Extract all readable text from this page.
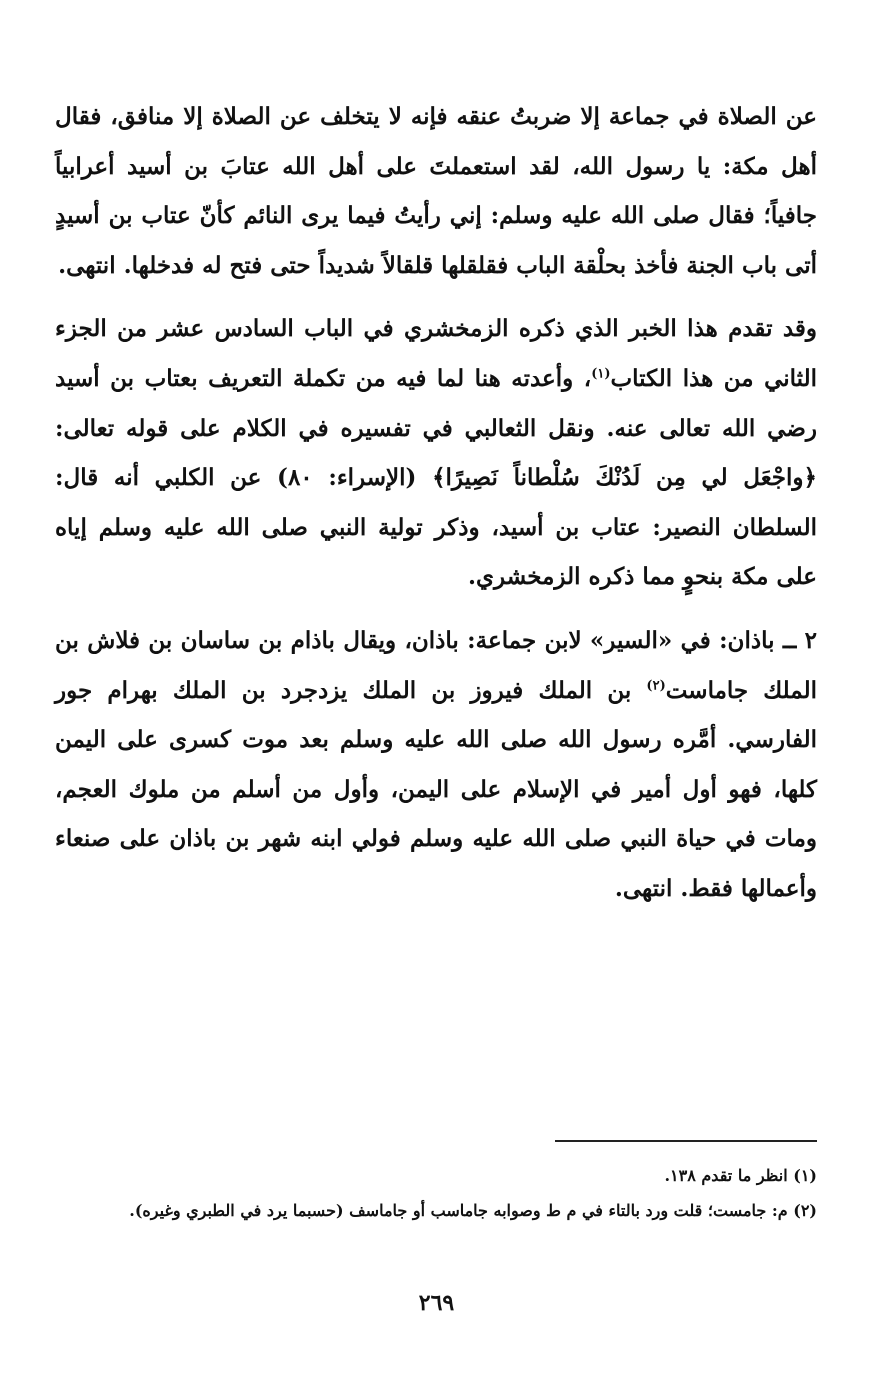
عن الصلاة في جماعة إلا ضربتُ عنقه فإنه لا يتخلف عن الصلاة إلا منافق، فقال أهل مكة: يا رسول الله، لقد استعملتَ على أهل الله عتابَ بن أسيد أعرابياً جافياً؛ فقال صلى الله عليه وسلم: إني رأيتُ فيما يرى النائم كأنّ عتاب بن أسيدٍ أتى باب الجنة فأخذ بحلْقة الباب فقلقلها قلقالاً شديداً حتى فتح له فدخلها. انتهى.

وقد تقدم هذا الخبر الذي ذكره الزمخشري في الباب السادس عشر من الجزء الثاني من هذا الكتاب$^{(١)}$، وأعدته هنا لما فيه من تكملة التعريف بعتاب بن أسيد رضي الله تعالى عنه. ونقل الثعالبي في تفسيره في الكلام على قوله تعالى: ﴿واجْعَل لي مِن لَدُنْكَ سُلْطاناً نَصِيرًا﴾ (الإسراء: ٨٠) عن الكلبي أنه قال: السلطان النصير: عتاب بن أسيد، وذكر تولية النبي صلى الله عليه وسلم إياه على مكة بنحوٍ مما ذكره الزمخشري.

٢ ــ باذان: في «السير» لابن جماعة: باذان، ويقال باذام بن ساسان بن فلاش بن الملك جاماست$^{(٢)}$ بن الملك فيروز بن الملك يزدجرد بن الملك بهرام جور الفارسي. أمَّره رسول الله صلى الله عليه وسلم بعد موت كسرى على اليمن كلها، فهو أول أمير في الإسلام على اليمن، وأول من أسلم من ملوك العجم، ومات في حياة النبي صلى الله عليه وسلم فولي ابنه شهر بن باذان على صنعاء وأعمالها فقط. انتهى.

(١) انظر ما تقدم ١٣٨.

(٢) م: جامست؛ قلت ورد بالتاء في م ط وصوابه جاماسب أو جاماسف (حسبما يرد في الطبري وغيره).

٢٦٩
